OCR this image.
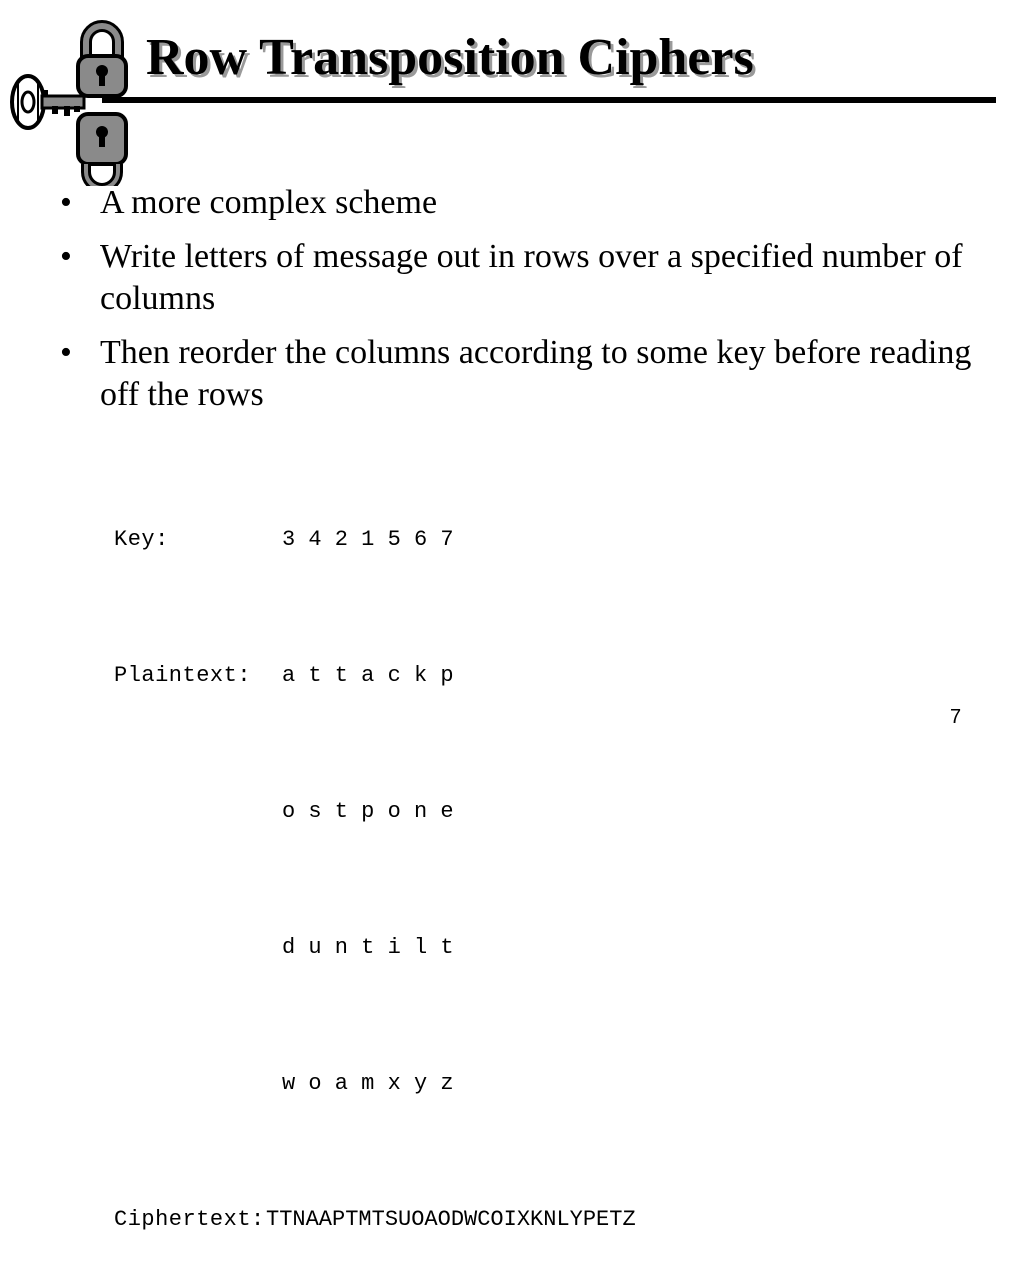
Row Transposition Ciphers
• A more complex scheme
• Write letters of message out in rows over a specified number of columns
• Then reorder the columns according to some key before reading off the rows

Key:	3 4 2 1 5 6 7

Plaintext:	a t t a c k p

o s t p o n e

d u n t i l t

w o a m x y z

Ciphertext: TTNAAPTMTSUOAODWCOIXKNLYPETZ

7
